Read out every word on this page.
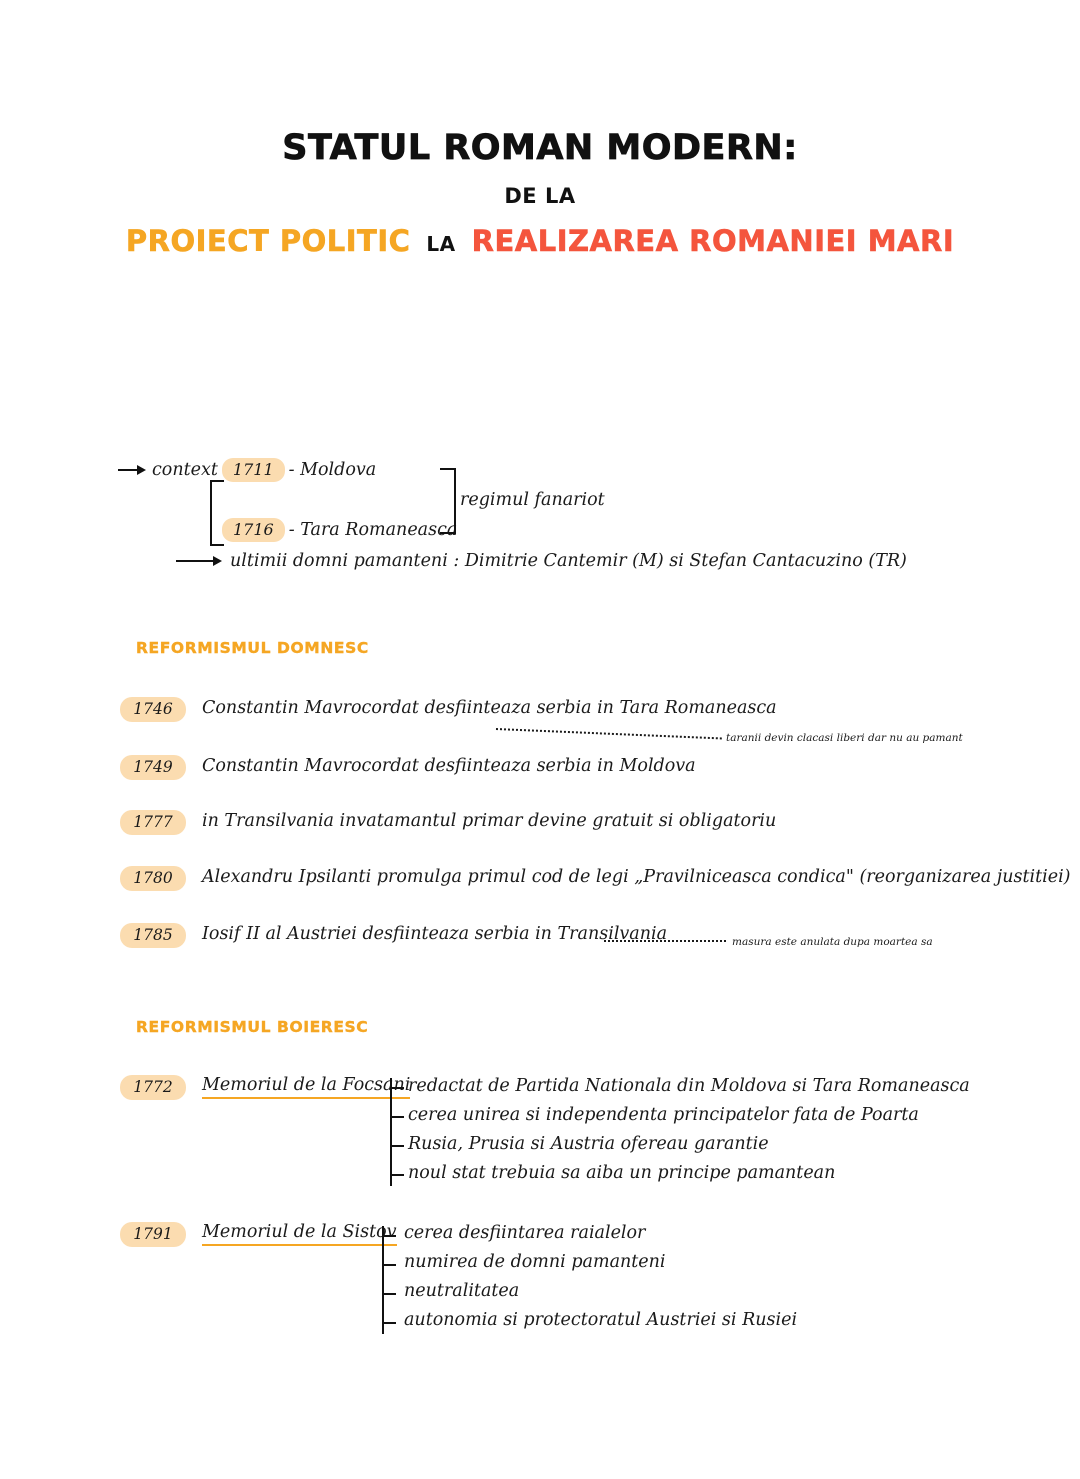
STATUL ROMAN MODERN:
DE LA
PROIECT POLITIC LA REALIZAREA ROMANIEI MARI
context 1711 - Moldova
1716 - Tara Romaneasca
regimul fanariot
ultimii domni pamanteni : Dimitrie Cantemir (M) si Stefan Cantacuzino (TR)
REFORMISMUL DOMNESC
1746	Constantin Mavrocordat desfiinteaza serbia in Tara Romaneasca
taranii devin clacasi liberi dar nu au pamant
1749	Constantin Mavrocordat desfiinteaza serbia in Moldova
1777	in Transilvania invatamantul primar devine gratuit si obligatoriu
1780	Alexandru Ipsilanti promulga primul cod de legi „Pravilniceasca condica" (reorganizarea justitiei)
1785	Iosif II al Austriei desfiinteaza serbia in Transilvania	masura este anulata dupa moartea sa
REFORMISMUL BOIERESC
1772	Memoriul de la Focsani
redactat de Partida Nationala din Moldova si Tara Romaneasca
cerea unirea si independenta principatelor fata de Poarta
Rusia, Prusia si Austria ofereau garantie
noul stat trebuia sa aiba un principe pamantean
1791	Memoriul de la Sistov cerea desfiintarea raialelor
numirea de domni pamanteni
neutralitatea
autonomia si protectoratul Austriei si Rusiei
